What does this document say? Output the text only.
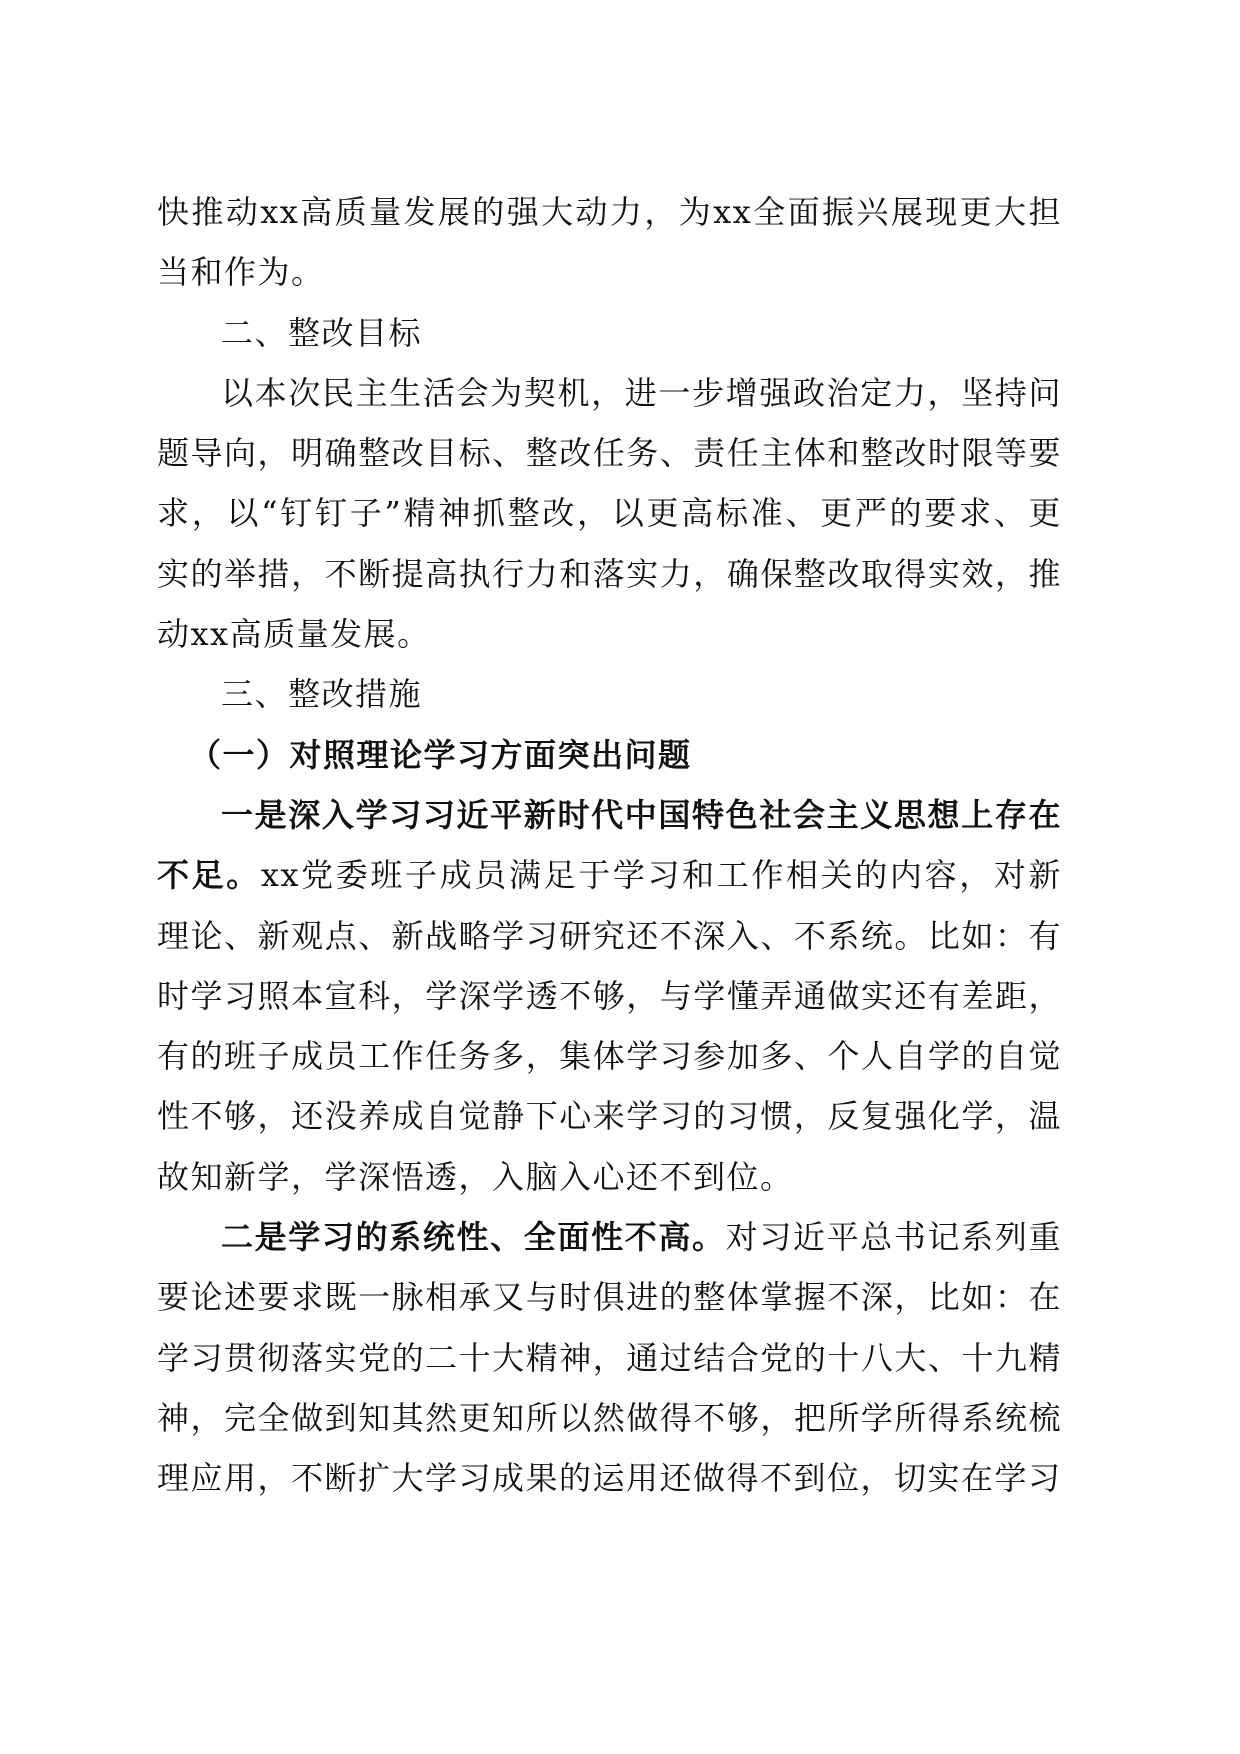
快推动xx高质量发展的强大动力，为xx全面振兴展现更大担当和作为。

二、整改目标

以本次民主生活会为契机，进一步增强政治定力，坚持问题导向，明确整改目标、整改任务、责任主体和整改时限等要求，以“钉钉子”精神抓整改，以更高标准、更严的要求、更实的举措，不断提高执行力和落实力，确保整改取得实效，推动xx高质量发展。

三、整改措施

（一）对照理论学习方面突出问题

一是深入学习习近平新时代中国特色社会主义思想上存在不足。xx党委班子成员满足于学习和工作相关的内容，对新理论、新观点、新战略学习研究还不深入、不系统。比如：有时学习照本宣科，学深学透不够，与学懂弄通做实还有差距，有的班子成员工作任务多，集体学习参加多、个人自学的自觉性不够，还没养成自觉静下心来学习的习惯，反复强化学，温故知新学，学深悟透，入脑入心还不到位。

二是学习的系统性、全面性不高。对习近平总书记系列重要论述要求既一脉相承又与时俱进的整体掌握不深，比如：在学习贯彻落实党的二十大精神，通过结合党的十八大、十九精神，完全做到知其然更知所以然做得不够，把所学所得系统梳理应用，不断扩大学习成果的运用还做得不到位，切实在学习
